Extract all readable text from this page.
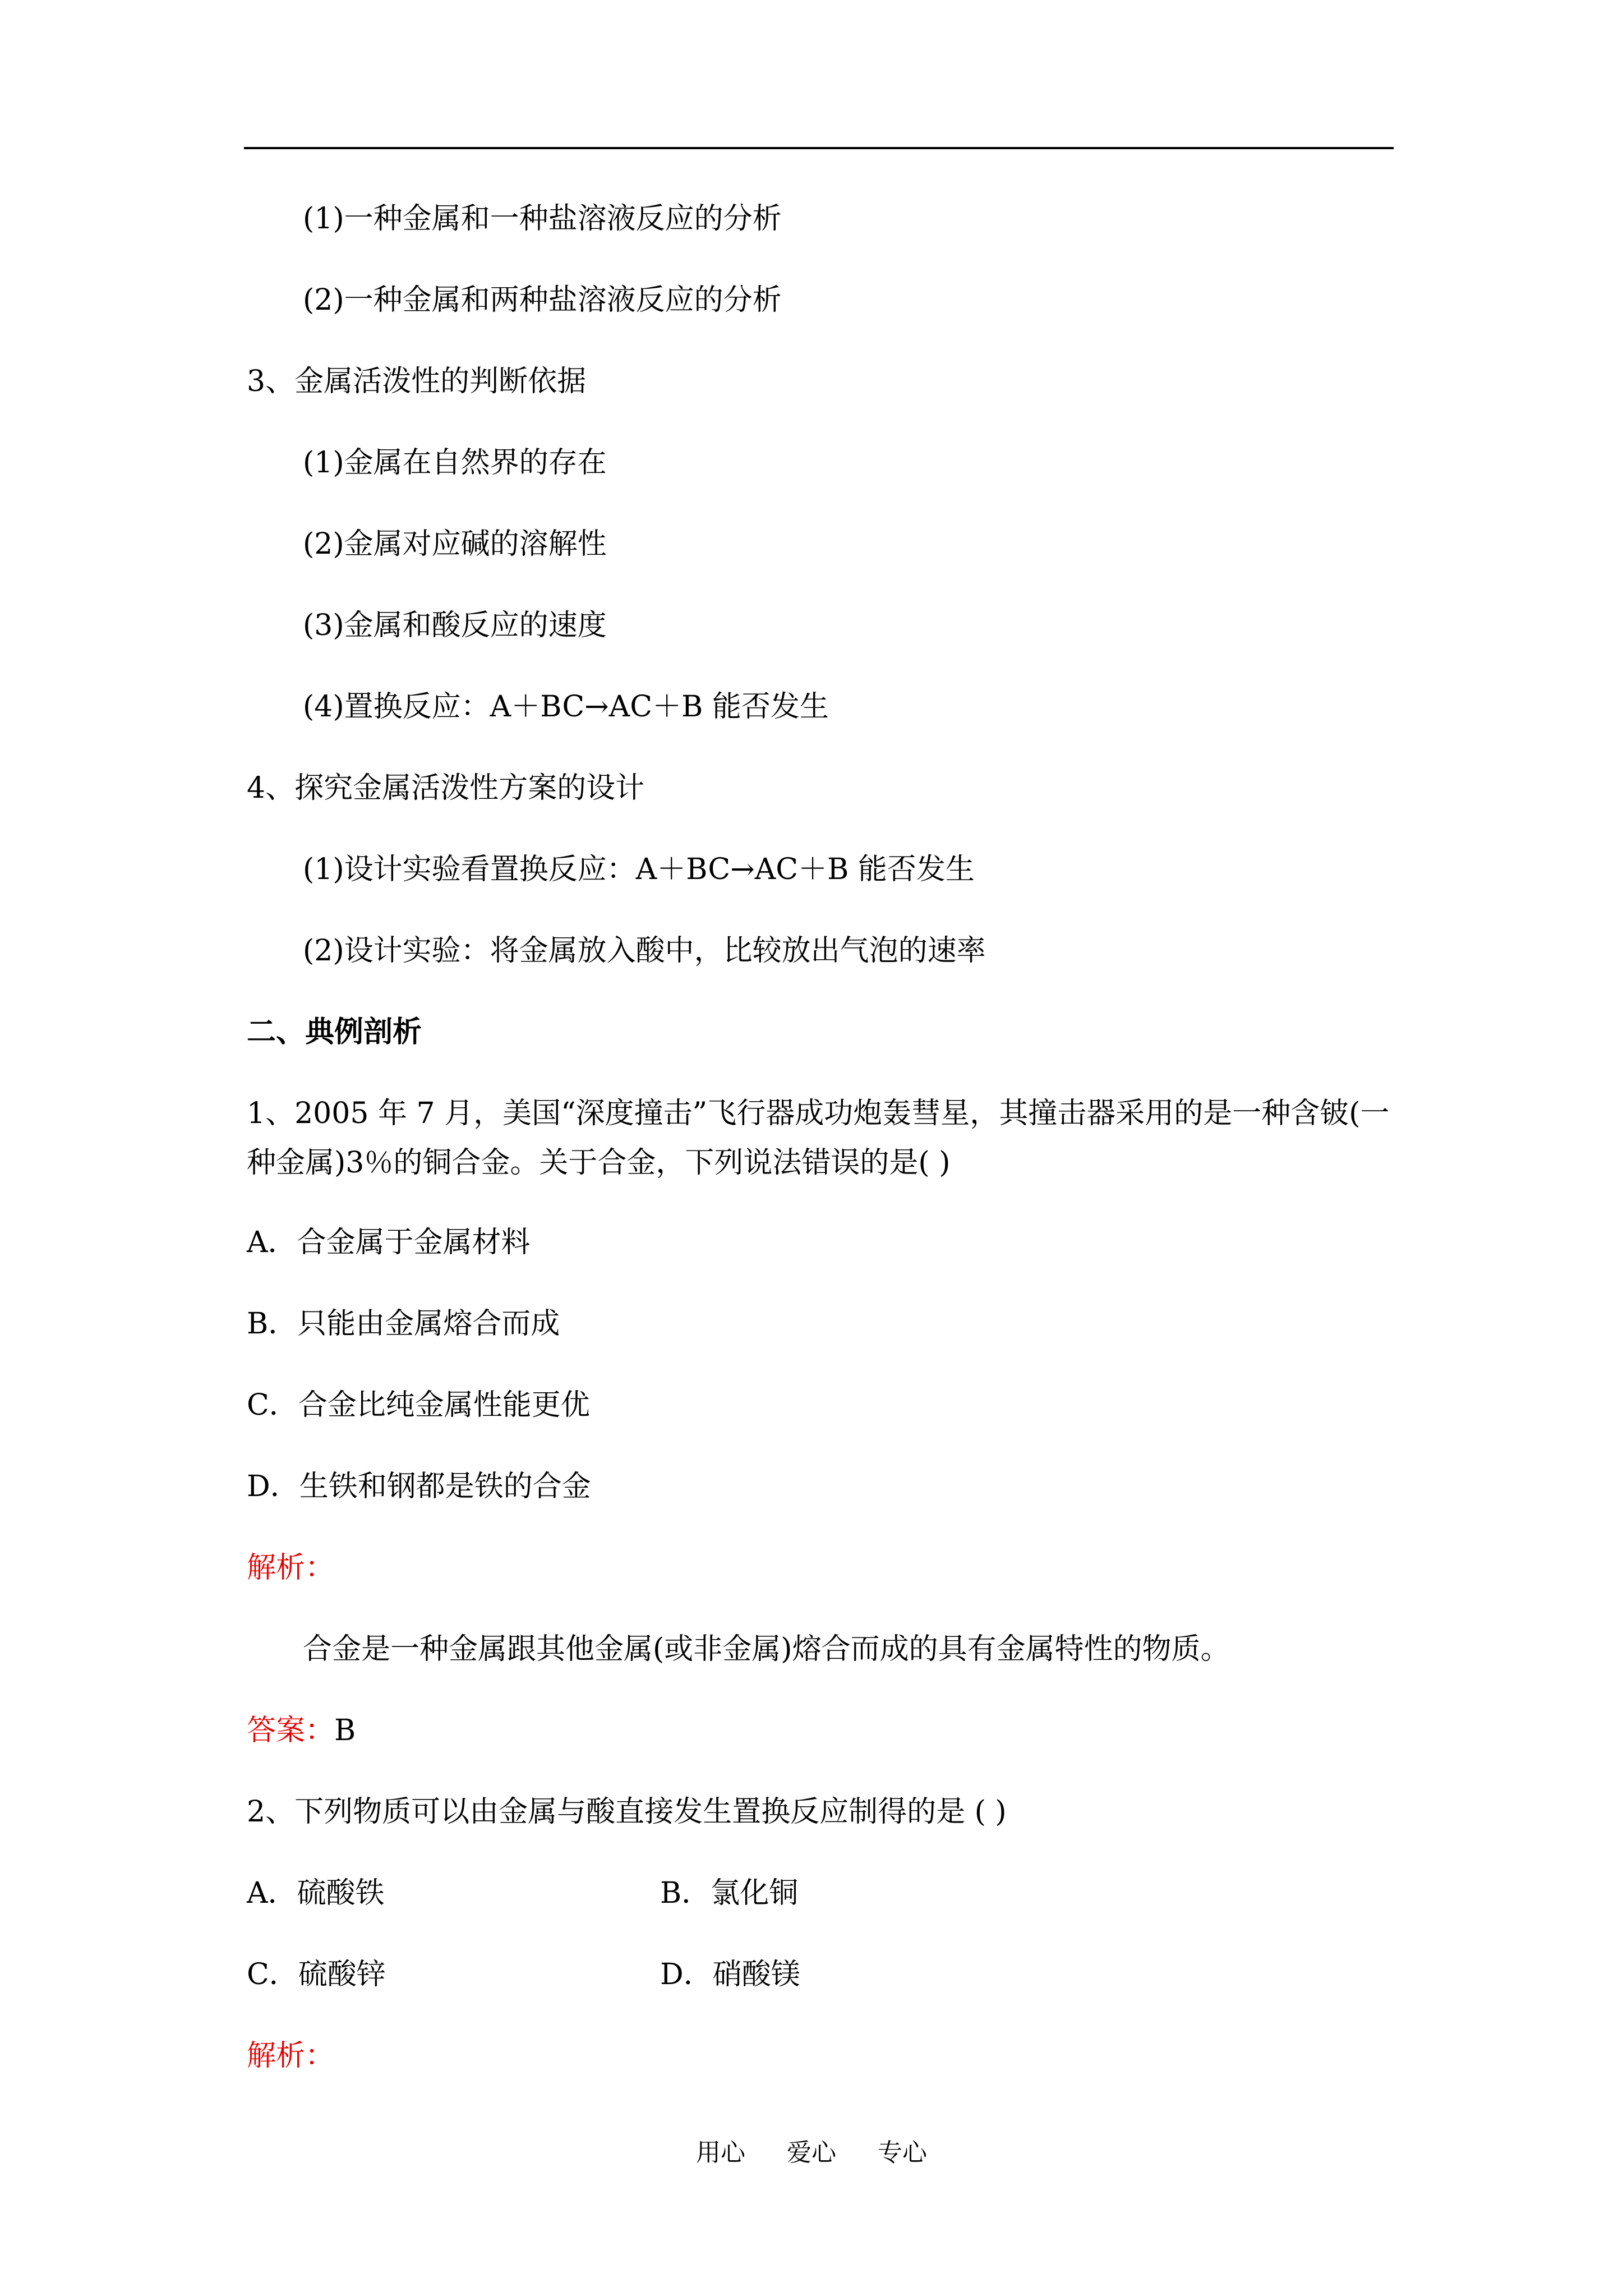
(1)一种金属和一种盐溶液反应的分析
(2)一种金属和两种盐溶液反应的分析
3、金属活泼性的判断依据
(1)金属在自然界的存在
(2)金属对应碱的溶解性
(3)金属和酸反应的速度
(4)置换反应：A＋BC→AC＋B 能否发生
4、探究金属活泼性方案的设计
(1)设计实验看置换反应：A＋BC→AC＋B 能否发生
(2)设计实验：将金属放入酸中，比较放出气泡的速率
二、典例剖析
1、2005 年 7 月，美国“深度撞击”飞行器成功炮轰彗星，其撞击器采用的是一种含铍(一
种金属)3％的铜合金。关于合金，下列说法错误的是( )
A．合金属于金属材料
B．只能由金属熔合而成
C．合金比纯金属性能更优
D．生铁和钢都是铁的合金
解析：
合金是一种金属跟其他金属(或非金属)熔合而成的具有金属特性的物质。
答案：B
2、下列物质可以由金属与酸直接发生置换反应制得的是 ( )
A．硫酸铁	B．氯化铜
C．硫酸锌	D．硝酸镁
解析：
用心 爱心 专心
